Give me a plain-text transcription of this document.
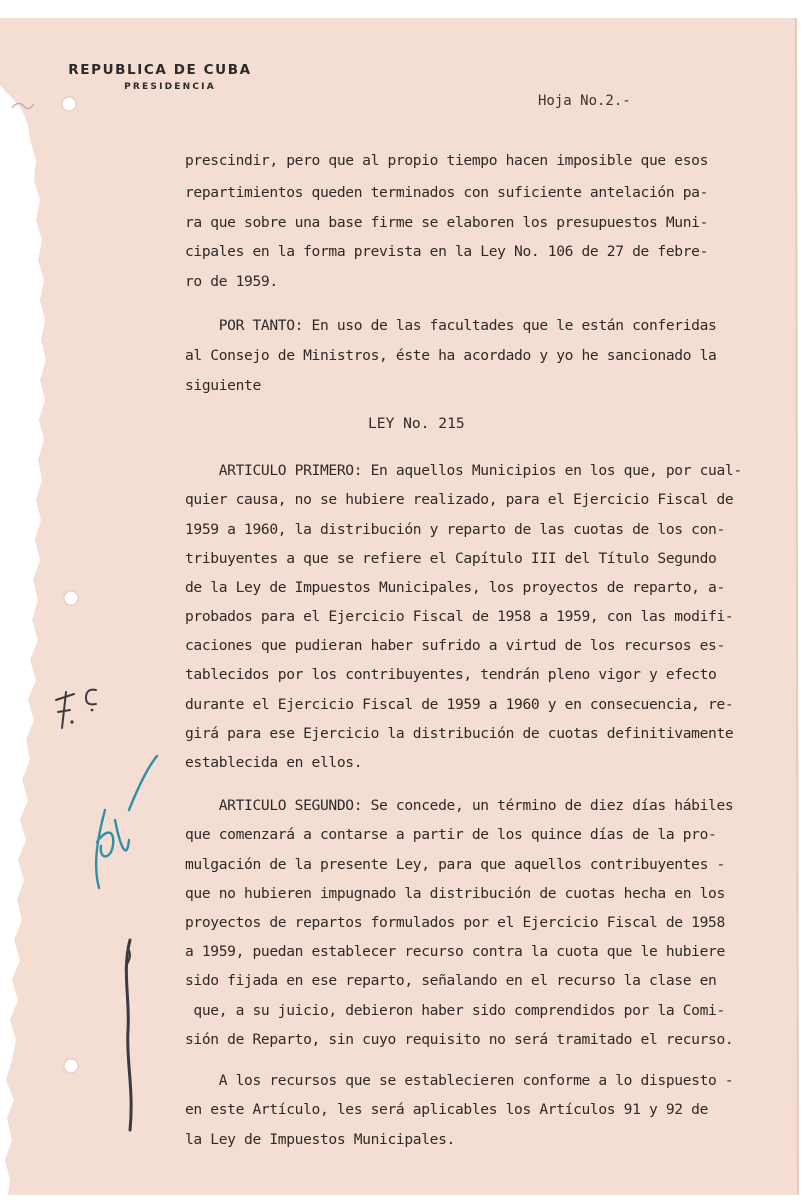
REPUBLICA DE CUBA
PRESIDENCIA
Hoja No.2.-
prescindir, pero que al propio tiempo hacen imposible que esos
repartimientos queden terminados con suficiente antelación pa-
ra que sobre una base firme se elaboren los presupuestos Muni-
cipales en la forma prevista en la Ley No. 106 de 27 de febre-
ro de 1959.
POR TANTO: En uso de las facultades que le están conferidas
al Consejo de Ministros, éste ha acordado y yo he sancionado la
siguiente
LEY No. 215
ARTICULO PRIMERO: En aquellos Municipios en los que, por cual-
quier causa, no se hubiere realizado, para el Ejercicio Fiscal de
1959 a 1960, la distribución y reparto de las cuotas de los con-
tribuyentes a que se refiere el Capítulo III del Título Segundo
de la Ley de Impuestos Municipales, los proyectos de reparto, a-
probados para el Ejercicio Fiscal de 1958 a 1959, con las modifi-
caciones que pudieran haber sufrido a virtud de los recursos es-
tablecidos por los contribuyentes, tendrán pleno vigor y efecto
durante el Ejercicio Fiscal de 1959 a 1960 y en consecuencia, re-
girá para ese Ejercicio la distribución de cuotas definitivamente
establecida en ellos.
ARTICULO SEGUNDO: Se concede, un término de diez días hábiles
que comenzará a contarse a partir de los quince días de la pro-
mulgación de la presente Ley, para que aquellos contribuyentes -
que no hubieren impugnado la distribución de cuotas hecha en los
proyectos de repartos formulados por el Ejercicio Fiscal de 1958
a 1959, puedan establecer recurso contra la cuota que le hubiere
sido fijada en ese reparto, señalando en el recurso la clase en
que, a su juicio, debieron haber sido comprendidos por la Comi-
sión de Reparto, sin cuyo requisito no será tramitado el recurso.
A los recursos que se establecieren conforme a lo dispuesto -
en este Artículo, les será aplicables los Artículos 91 y 92 de
la Ley de Impuestos Municipales.
